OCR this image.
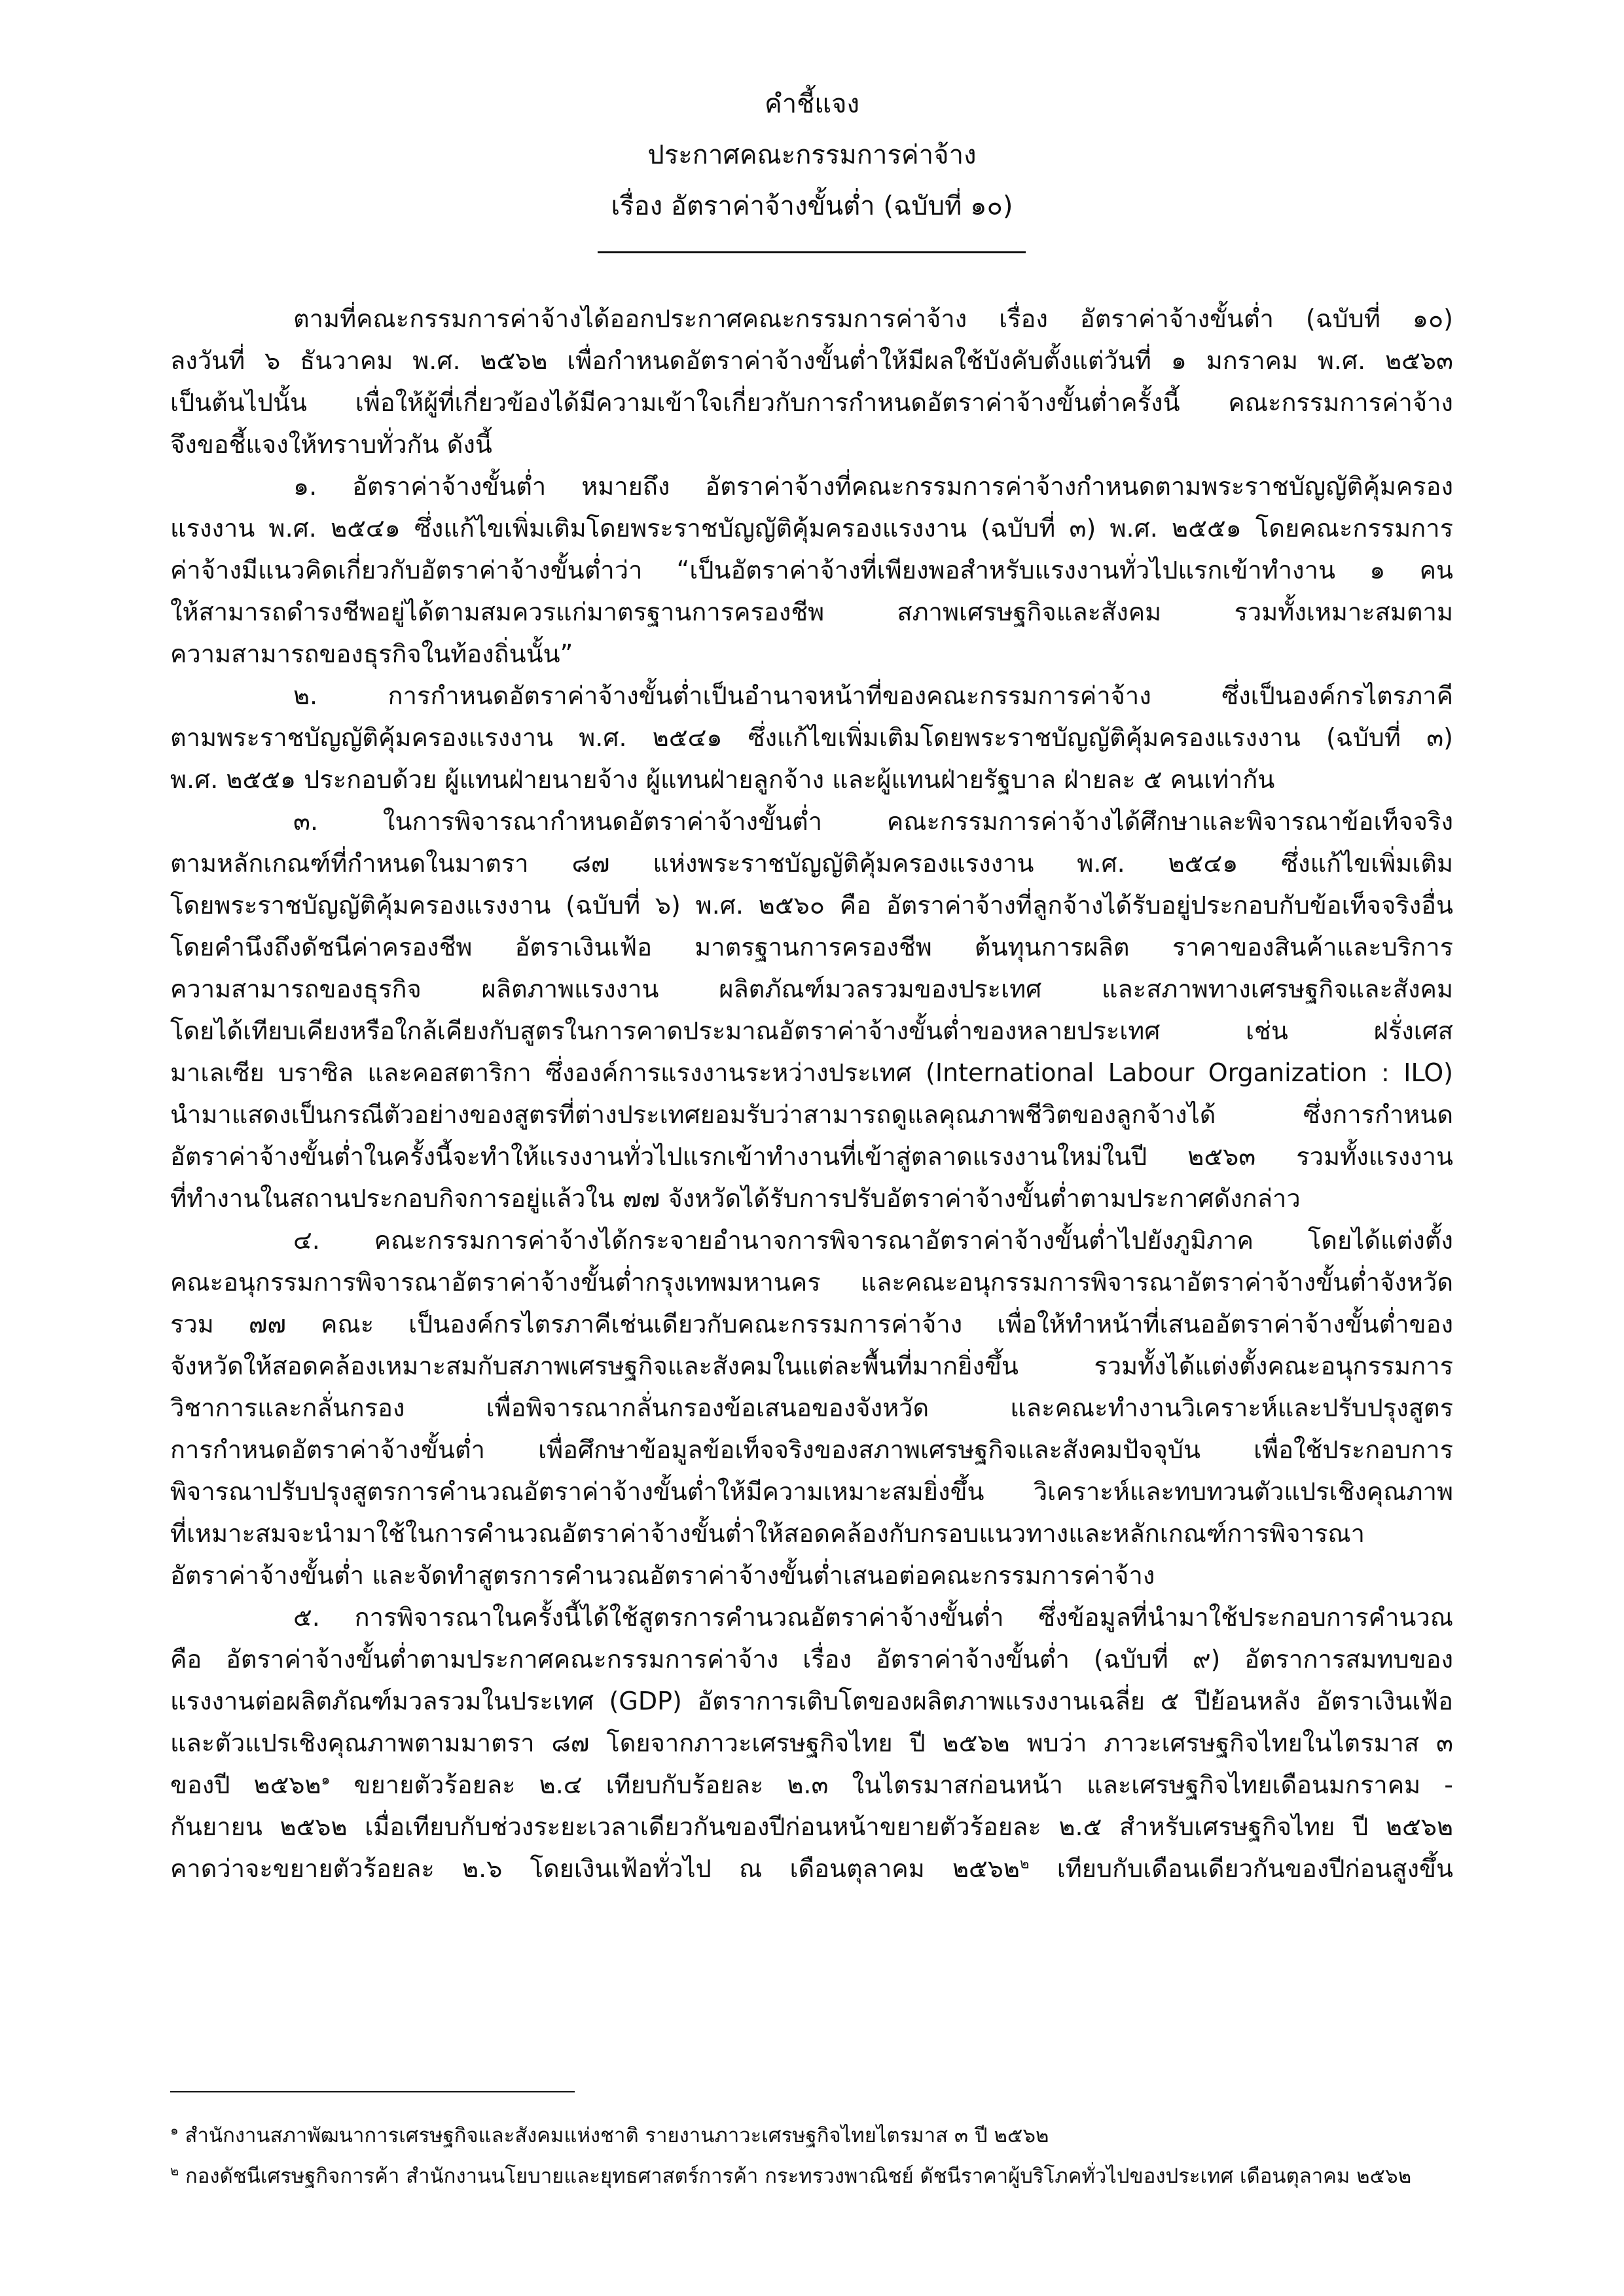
คำชี้แจง
ประกาศคณะกรรมการค่าจ้าง
เรื่อง อัตราค่าจ้างขั้นต่ำ (ฉบับที่ ๑๐)
ตามที่คณะกรรมการค่าจ้างได้ออกประกาศคณะกรรมการค่าจ้าง เรื่อง อัตราค่าจ้างขั้นต่ำ (ฉบับที่ ๑๐)
ลงวันที่ ๖ ธันวาคม พ.ศ. ๒๕๖๒ เพื่อกำหนดอัตราค่าจ้างขั้นต่ำให้มีผลใช้บังคับตั้งแต่วันที่ ๑ มกราคม พ.ศ. ๒๕๖๓
เป็นต้นไปนั้น เพื่อให้ผู้ที่เกี่ยวข้องได้มีความเข้าใจเกี่ยวกับการกำหนดอัตราค่าจ้างขั้นต่ำครั้งนี้ คณะกรรมการค่าจ้าง
จึงขอชี้แจงให้ทราบทั่วกัน ดังนี้
๑. อัตราค่าจ้างขั้นต่ำ หมายถึง อัตราค่าจ้างที่คณะกรรมการค่าจ้างกำหนดตามพระราชบัญญัติคุ้มครอง
แรงงาน พ.ศ. ๒๕๔๑ ซึ่งแก้ไขเพิ่มเติมโดยพระราชบัญญัติคุ้มครองแรงงาน (ฉบับที่ ๓) พ.ศ. ๒๕๕๑ โดยคณะกรรมการ
ค่าจ้างมีแนวคิดเกี่ยวกับอัตราค่าจ้างขั้นต่ำว่า “เป็นอัตราค่าจ้างที่เพียงพอสำหรับแรงงานทั่วไปแรกเข้าทำงาน ๑ คน
ให้สามารถดำรงชีพอยู่ได้ตามสมควรแก่มาตรฐานการครองชีพ สภาพเศรษฐกิจและสังคม รวมทั้งเหมาะสมตาม
ความสามารถของธุรกิจในท้องถิ่นนั้น”
๒. การกำหนดอัตราค่าจ้างขั้นต่ำเป็นอำนาจหน้าที่ของคณะกรรมการค่าจ้าง ซึ่งเป็นองค์กรไตรภาคี
ตามพระราชบัญญัติคุ้มครองแรงงาน พ.ศ. ๒๕๔๑ ซึ่งแก้ไขเพิ่มเติมโดยพระราชบัญญัติคุ้มครองแรงงาน (ฉบับที่ ๓)
พ.ศ. ๒๕๕๑ ประกอบด้วย ผู้แทนฝ่ายนายจ้าง ผู้แทนฝ่ายลูกจ้าง และผู้แทนฝ่ายรัฐบาล ฝ่ายละ ๕ คนเท่ากัน
๓. ในการพิจารณากำหนดอัตราค่าจ้างขั้นต่ำ คณะกรรมการค่าจ้างได้ศึกษาและพิจารณาข้อเท็จจริง
ตามหลักเกณฑ์ที่กำหนดในมาตรา ๘๗ แห่งพระราชบัญญัติคุ้มครองแรงงาน พ.ศ. ๒๕๔๑ ซึ่งแก้ไขเพิ่มเติม
โดยพระราชบัญญัติคุ้มครองแรงงาน (ฉบับที่ ๖) พ.ศ. ๒๕๖๐ คือ อัตราค่าจ้างที่ลูกจ้างได้รับอยู่ประกอบกับข้อเท็จจริงอื่น
โดยคำนึงถึงดัชนีค่าครองชีพ อัตราเงินเฟ้อ มาตรฐานการครองชีพ ต้นทุนการผลิต ราคาของสินค้าและบริการ
ความสามารถของธุรกิจ ผลิตภาพแรงงาน ผลิตภัณฑ์มวลรวมของประเทศ และสภาพทางเศรษฐกิจและสังคม
โดยได้เทียบเคียงหรือใกล้เคียงกับสูตรในการคาดประมาณอัตราค่าจ้างขั้นต่ำของหลายประเทศ เช่น ฝรั่งเศส
มาเลเซีย บราซิล และคอสตาริกา ซึ่งองค์การแรงงานระหว่างประเทศ (International Labour Organization : ILO)
นำมาแสดงเป็นกรณีตัวอย่างของสูตรที่ต่างประเทศยอมรับว่าสามารถดูแลคุณภาพชีวิตของลูกจ้างได้ ซึ่งการกำหนด
อัตราค่าจ้างขั้นต่ำในครั้งนี้จะทำให้แรงงานทั่วไปแรกเข้าทำงานที่เข้าสู่ตลาดแรงงานใหม่ในปี ๒๕๖๓ รวมทั้งแรงงาน
ที่ทำงานในสถานประกอบกิจการอยู่แล้วใน ๗๗ จังหวัดได้รับการปรับอัตราค่าจ้างขั้นต่ำตามประกาศดังกล่าว
๔. คณะกรรมการค่าจ้างได้กระจายอำนาจการพิจารณาอัตราค่าจ้างขั้นต่ำไปยังภูมิภาค โดยได้แต่งตั้ง
คณะอนุกรรมการพิจารณาอัตราค่าจ้างขั้นต่ำกรุงเทพมหานคร และคณะอนุกรรมการพิจารณาอัตราค่าจ้างขั้นต่ำจังหวัด
รวม ๗๗ คณะ เป็นองค์กรไตรภาคีเช่นเดียวกับคณะกรรมการค่าจ้าง เพื่อให้ทำหน้าที่เสนออัตราค่าจ้างขั้นต่ำของ
จังหวัดให้สอดคล้องเหมาะสมกับสภาพเศรษฐกิจและสังคมในแต่ละพื้นที่มากยิ่งขึ้น รวมทั้งได้แต่งตั้งคณะอนุกรรมการ
วิชาการและกลั่นกรอง เพื่อพิจารณากลั่นกรองข้อเสนอของจังหวัด และคณะทำงานวิเคราะห์และปรับปรุงสูตร
การกำหนดอัตราค่าจ้างขั้นต่ำ เพื่อศึกษาข้อมูลข้อเท็จจริงของสภาพเศรษฐกิจและสังคมปัจจุบัน เพื่อใช้ประกอบการ
พิจารณาปรับปรุงสูตรการคำนวณอัตราค่าจ้างขั้นต่ำให้มีความเหมาะสมยิ่งขึ้น วิเคราะห์และทบทวนตัวแปรเชิงคุณภาพ
ที่เหมาะสมจะนำมาใช้ในการคำนวณอัตราค่าจ้างขั้นต่ำให้สอดคล้องกับกรอบแนวทางและหลักเกณฑ์การพิจารณา
อัตราค่าจ้างขั้นต่ำ และจัดทำสูตรการคำนวณอัตราค่าจ้างขั้นต่ำเสนอต่อคณะกรรมการค่าจ้าง
๕. การพิจารณาในครั้งนี้ได้ใช้สูตรการคำนวณอัตราค่าจ้างขั้นต่ำ ซึ่งข้อมูลที่นำมาใช้ประกอบการคำนวณ
คือ อัตราค่าจ้างขั้นต่ำตามประกาศคณะกรรมการค่าจ้าง เรื่อง อัตราค่าจ้างขั้นต่ำ (ฉบับที่ ๙) อัตราการสมทบของ
แรงงานต่อผลิตภัณฑ์มวลรวมในประเทศ (GDP) อัตราการเติบโตของผลิตภาพแรงงานเฉลี่ย ๕ ปีย้อนหลัง อัตราเงินเฟ้อ
และตัวแปรเชิงคุณภาพตามมาตรา ๘๗ โดยจากภาวะเศรษฐกิจไทย ปี ๒๕๖๒ พบว่า ภาวะเศรษฐกิจไทยในไตรมาส ๓
ของปี ๒๕๖๒$^๑$ ขยายตัวร้อยละ ๒.๔ เทียบกับร้อยละ ๒.๓ ในไตรมาสก่อนหน้า และเศรษฐกิจไทยเดือนมกราคม -
กันยายน ๒๕๖๒ เมื่อเทียบกับช่วงระยะเวลาเดียวกันของปีก่อนหน้าขยายตัวร้อยละ ๒.๕ สำหรับเศรษฐกิจไทย ปี ๒๕๖๒
คาดว่าจะขยายตัวร้อยละ ๒.๖ โดยเงินเฟ้อทั่วไป ณ เดือนตุลาคม ๒๕๖๒$^๒$ เทียบกับเดือนเดียวกันของปีก่อนสูงขึ้น
$^๑$ สำนักงานสภาพัฒนาการเศรษฐกิจและสังคมแห่งชาติ รายงานภาวะเศรษฐกิจไทยไตรมาส ๓ ปี ๒๕๖๒
$^๒$ กองดัชนีเศรษฐกิจการค้า สำนักงานนโยบายและยุทธศาสตร์การค้า กระทรวงพาณิชย์ ดัชนีราคาผู้บริโภคทั่วไปของประเทศ เดือนตุลาคม ๒๕๖๒
